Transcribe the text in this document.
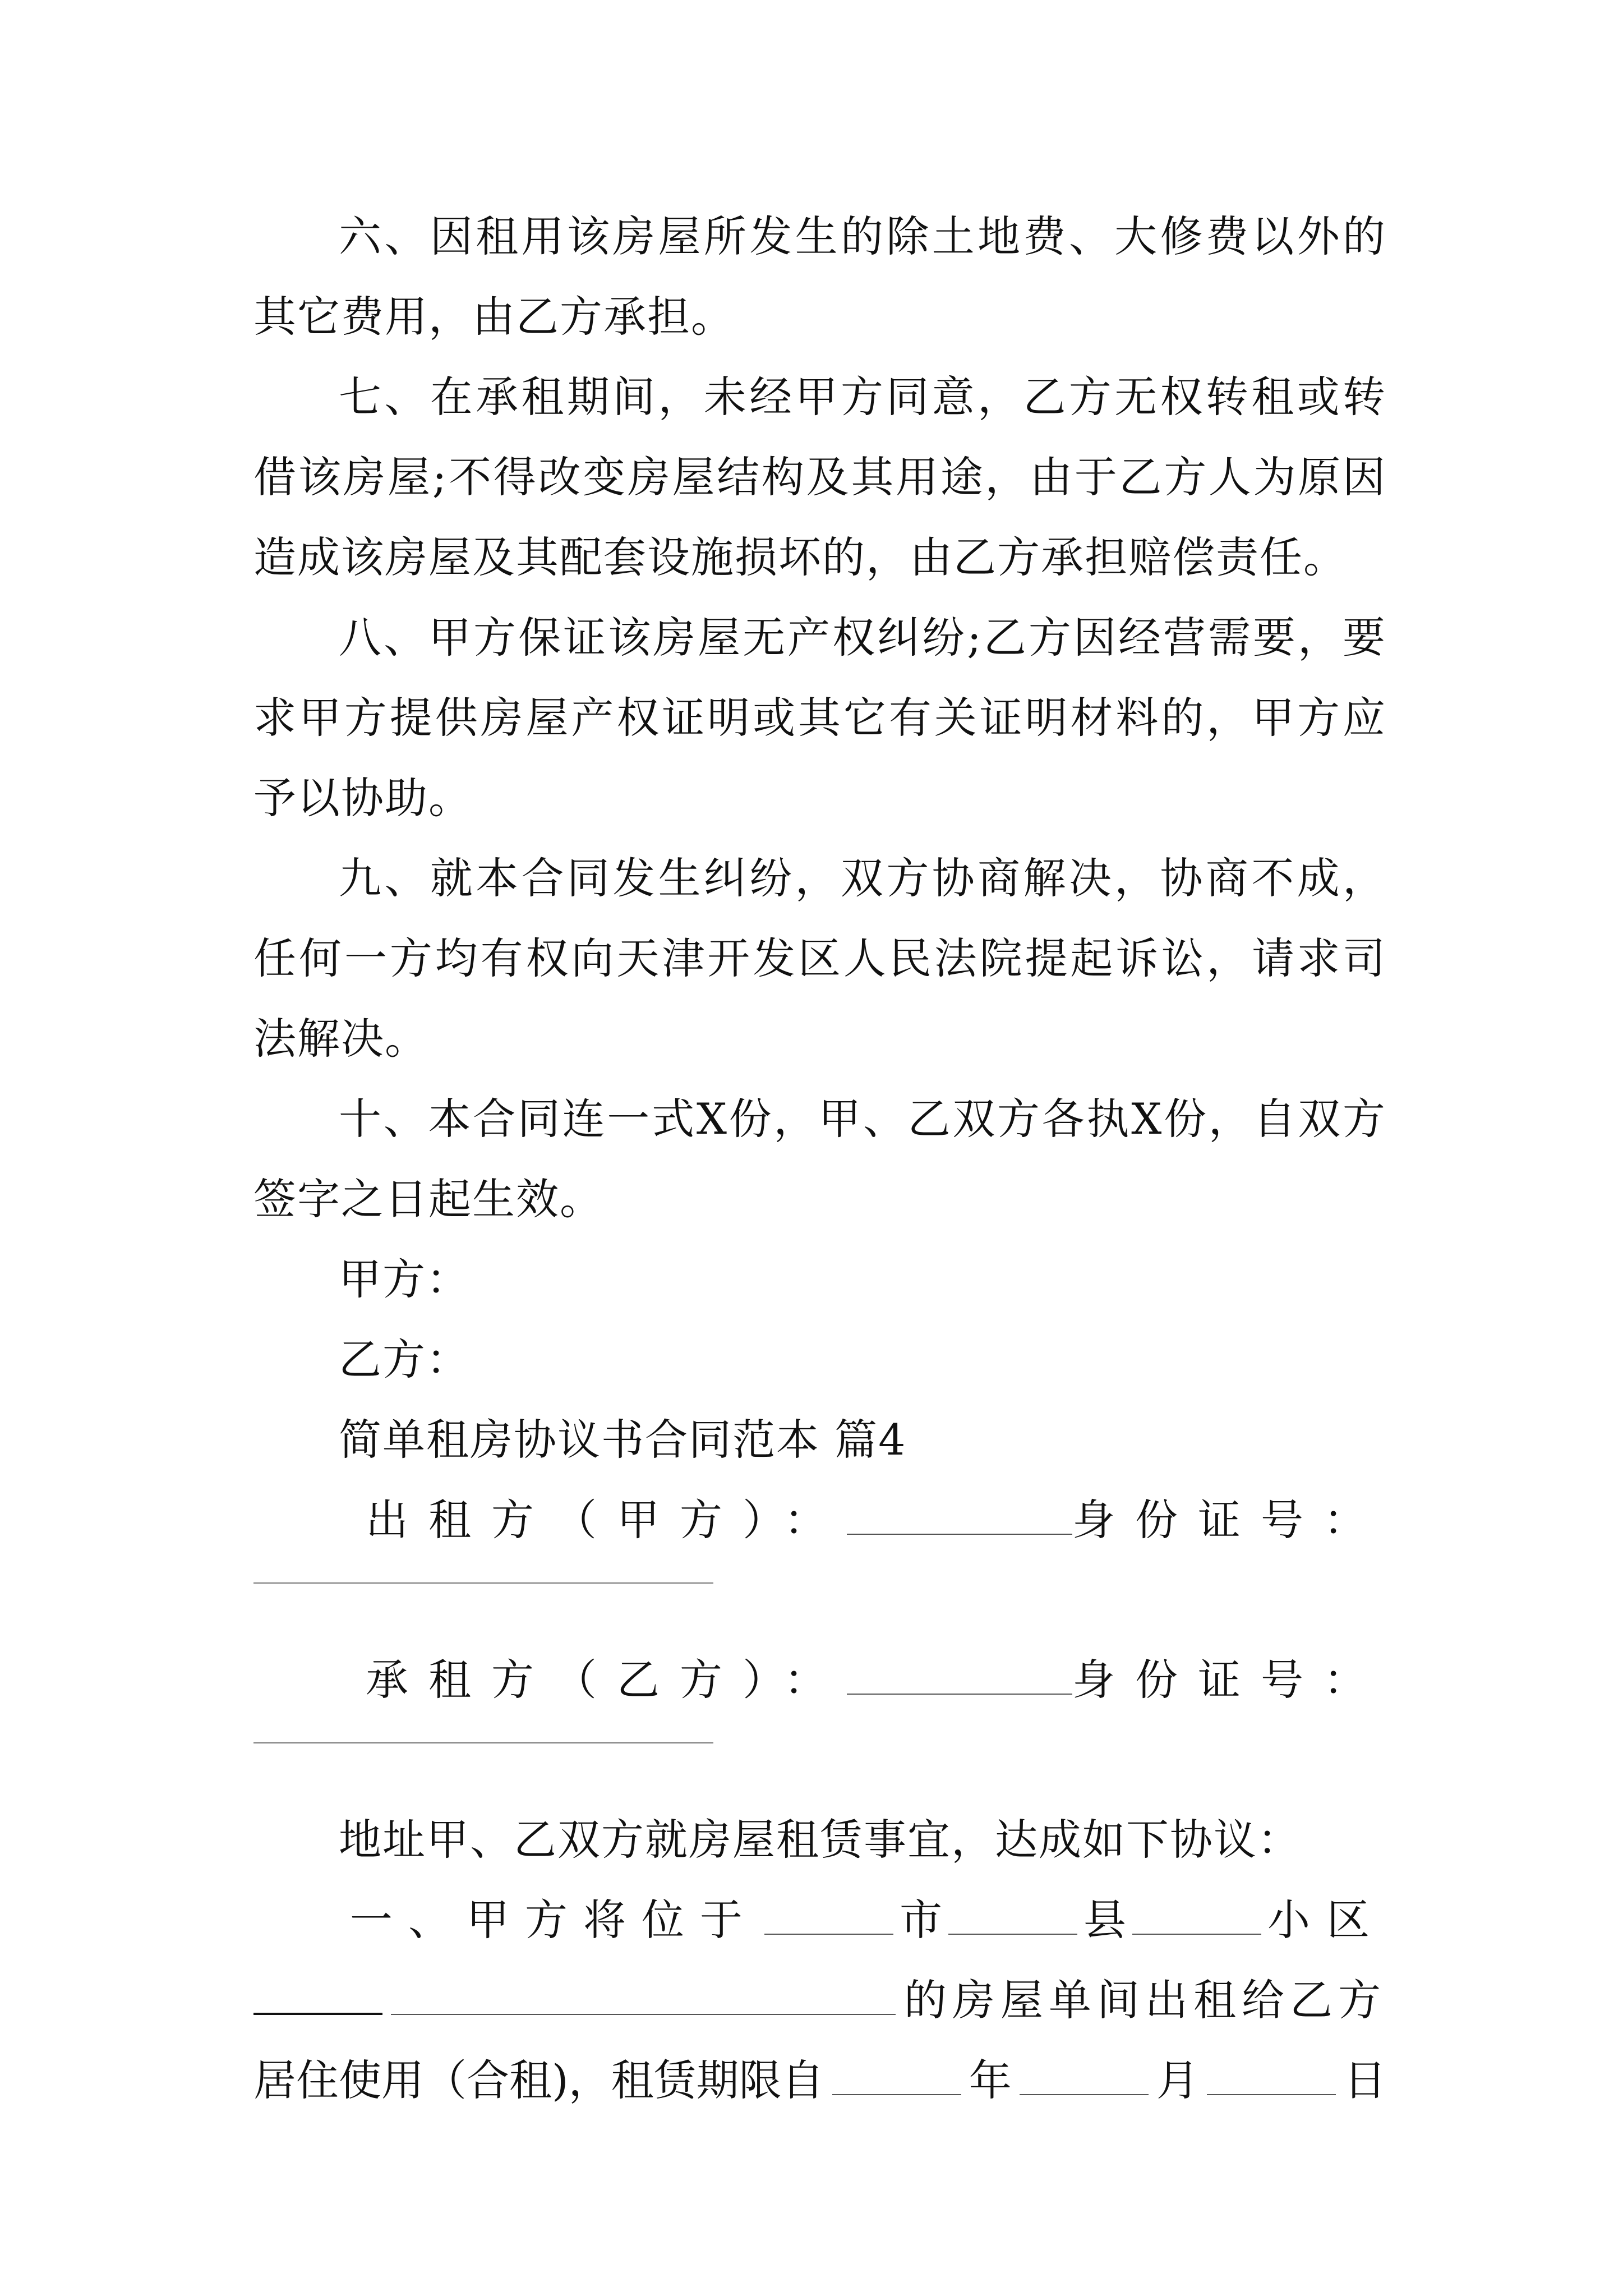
六、因租用该房屋所发生的除土地费、大修费以外的其它费用，由乙方承担。

七、在承租期间，未经甲方同意，乙方无权转租或转借该房屋;不得改变房屋结构及其用途，由于乙方人为原因造成该房屋及其配套设施损坏的，由乙方承担赔偿责任。

八、甲方保证该房屋无产权纠纷;乙方因经营需要，要求甲方提供房屋产权证明或其它有关证明材料的，甲方应予以协助。

九、就本合同发生纠纷，双方协商解决，协商不成，任何一方均有权向天津开发区人民法院提起诉讼，请求司法解决。

十、本合同连一式X份，甲、乙双方各执X份，自双方签字之日起生效。

甲方：

乙方：

简单租房协议书合同范本 篇4

出租方（甲方）：	身份证号：
承租方（乙方）：	身份证号：

地址甲、乙双方就房屋租赁事宜，达成如下协议：

一、甲方将位于	市	县	小区
的房屋单间出租给乙方
居住使用（合租)，租赁期限自	年	月	日
